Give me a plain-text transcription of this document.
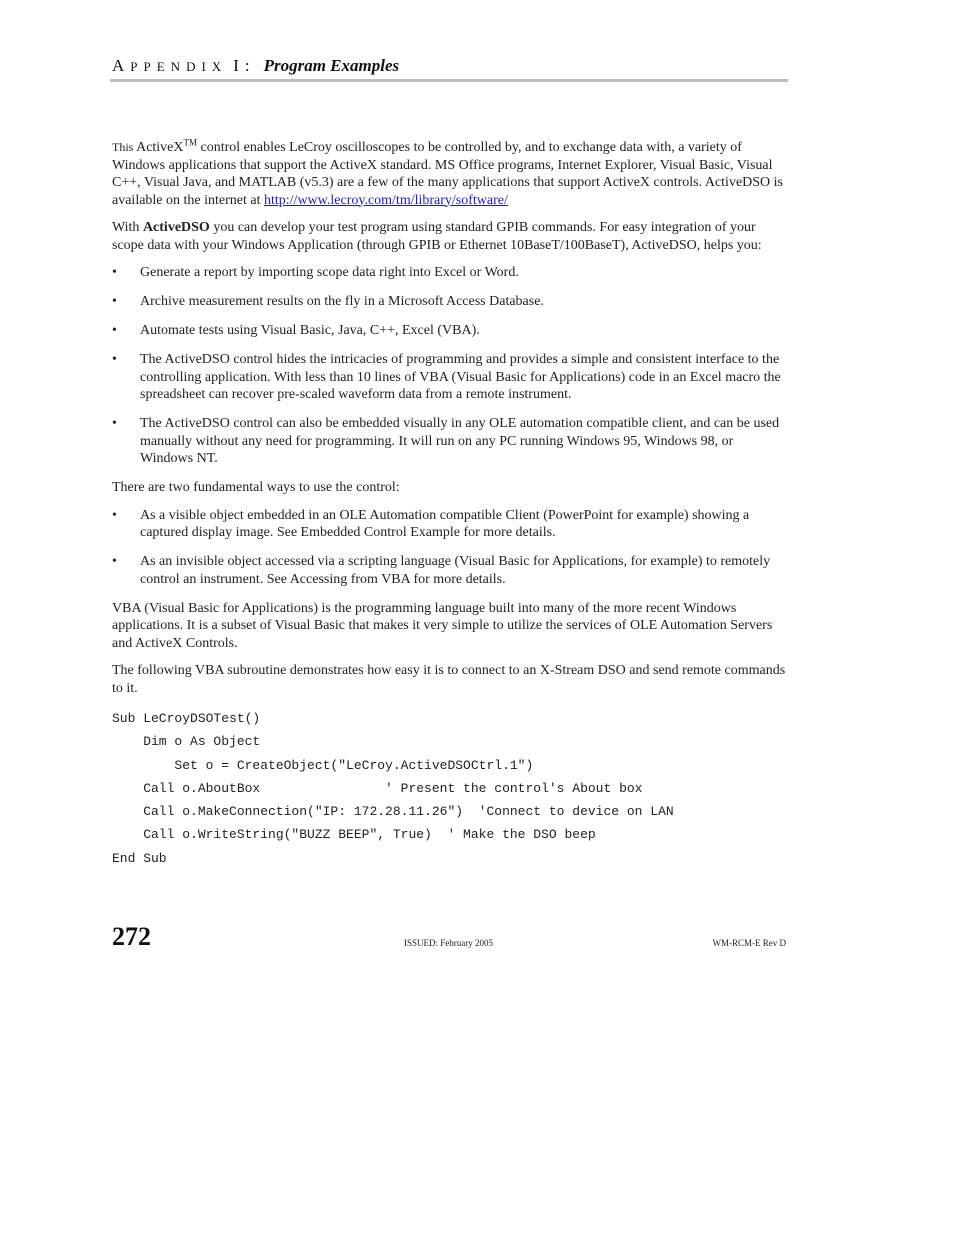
APPENDIX I: Program Examples

This ActiveX™ control enables LeCroy oscilloscopes to be controlled by, and to exchange data with, a variety of Windows applications that support the ActiveX standard. MS Office programs, Internet Explorer, Visual Basic, Visual C++, Visual Java, and MATLAB (v5.3) are a few of the many applications that support ActiveX controls. ActiveDSO is available on the internet at http://www.lecroy.com/tm/library/software/

With ActiveDSO you can develop your test program using standard GPIB commands. For easy integration of your scope data with your Windows Application (through GPIB or Ethernet 10BaseT/100BaseT), ActiveDSO, helps you:

• Generate a report by importing scope data right into Excel or Word.
• Archive measurement results on the fly in a Microsoft Access Database.
• Automate tests using Visual Basic, Java, C++, Excel (VBA).
• The ActiveDSO control hides the intricacies of programming and provides a simple and consistent interface to the controlling application. With less than 10 lines of VBA (Visual Basic for Applications) code in an Excel macro the spreadsheet can recover pre-scaled waveform data from a remote instrument.
• The ActiveDSO control can also be embedded visually in any OLE automation compatible client, and can be used manually without any need for programming. It will run on any PC running Windows 95, Windows 98, or Windows NT.

There are two fundamental ways to use the control:

• As a visible object embedded in an OLE Automation compatible Client (PowerPoint for example) showing a captured display image. See Embedded Control Example for more details.
• As an invisible object accessed via a scripting language (Visual Basic for Applications, for example) to remotely control an instrument. See Accessing from VBA for more details.

VBA (Visual Basic for Applications) is the programming language built into many of the more recent Windows applications. It is a subset of Visual Basic that makes it very simple to utilize the services of OLE Automation Servers and ActiveX Controls.

The following VBA subroutine demonstrates how easy it is to connect to an X-Stream DSO and send remote commands to it.

Sub LeCroyDSOTest()
Dim o As Object
Set o = CreateObject("LeCroy.ActiveDSOCtrl.1")
Call o.AboutBox                ' Present the control's About box
Call o.MakeConnection("IP: 172.28.11.26")  'Connect to device on LAN
Call o.WriteString("BUZZ BEEP", True)  ' Make the DSO beep
End Sub
272	ISSUED: February 2005	WM-RCM-E Rev D
